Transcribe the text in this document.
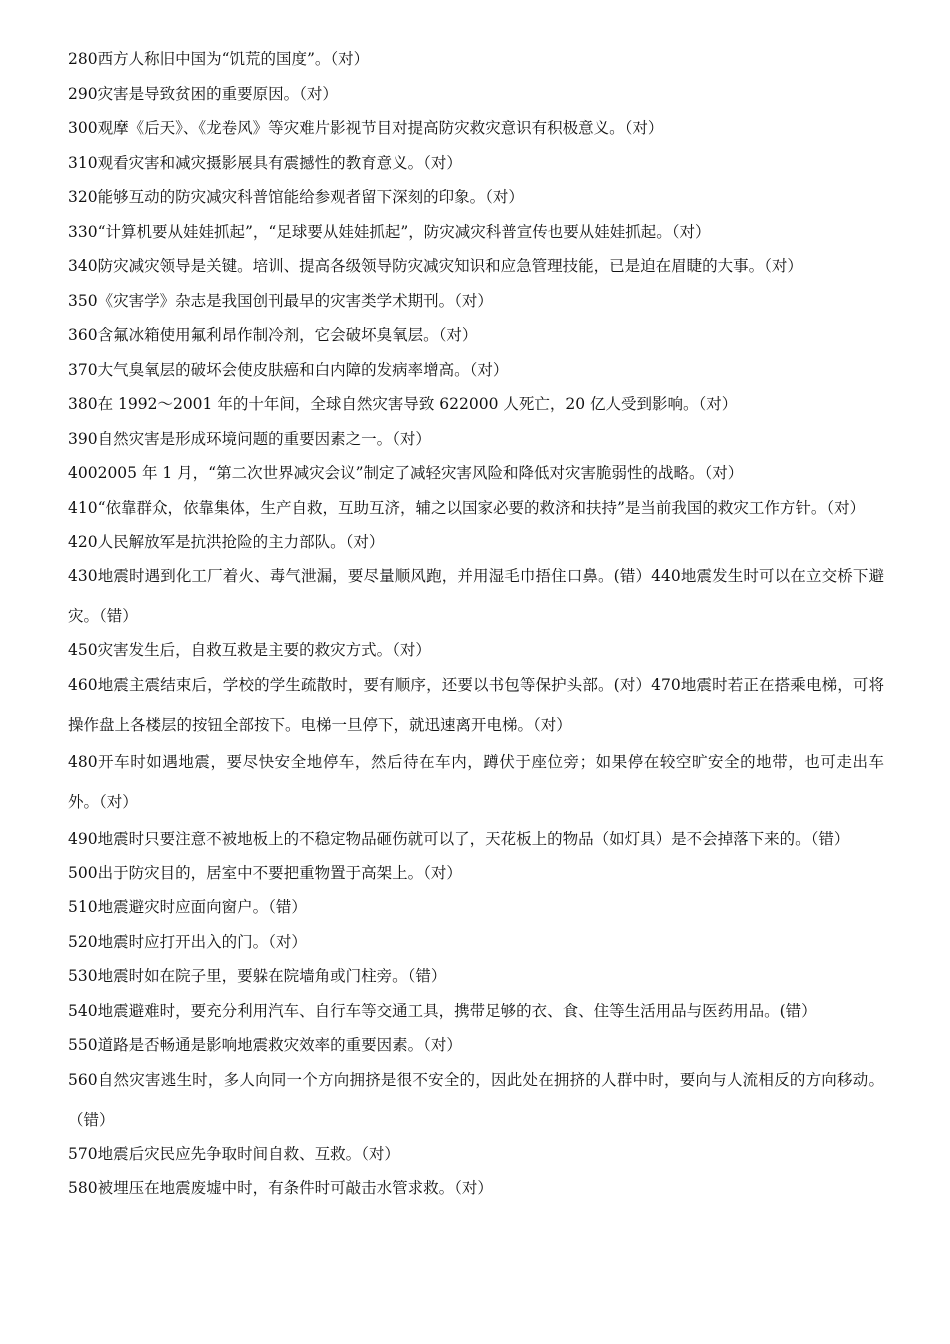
280西方人称旧中国为“饥荒的国度”。（对）

290灾害是导致贫困的重要原因。（对）

300观摩《后天》、《龙卷风》等灾难片影视节目对提高防灾救灾意识有积极意义。（对）

310观看灾害和减灾摄影展具有震撼性的教育意义。（对）

320能够互动的防灾减灾科普馆能给参观者留下深刻的印象。（对）

330“计算机要从娃娃抓起”，“足球要从娃娃抓起”，防灾减灾科普宣传也要从娃娃抓起。（对）

340防灾减灾领导是关键。培训、提高各级领导防灾减灾知识和应急管理技能，已是迫在眉睫的大事。（对）

350《灾害学》杂志是我国创刊最早的灾害类学术期刊。（对）

360含氟冰箱使用氟利昂作制冷剂，它会破坏臭氧层。（对）

370大气臭氧层的破坏会使皮肤癌和白内障的发病率增高。（对）

380在 1992～2001 年的十年间，全球自然灾害导致 622000 人死亡，20 亿人受到影响。（对）

390自然灾害是形成环境问题的重要因素之一。（对）

4002005 年 1 月，“第二次世界减灾会议”制定了减轻灾害风险和降低对灾害脆弱性的战略。（对）

410“依靠群众，依靠集体，生产自救，互助互济，辅之以国家必要的救济和扶持”是当前我国的救灾工作方针。（对）

420人民解放军是抗洪抢险的主力部队。（对）

430地震时遇到化工厂着火、毒气泄漏，要尽量顺风跑，并用湿毛巾捂住口鼻。(错）440地震发生时可以在立交桥下避灾。（错）

450灾害发生后，自救互救是主要的救灾方式。（对）

460地震主震结束后，学校的学生疏散时，要有顺序，还要以书包等保护头部。(对）470地震时若正在搭乘电梯，可将操作盘上各楼层的按钮全部按下。电梯一旦停下，就迅速离开电梯。（对）

480开车时如遇地震，要尽快安全地停车，然后待在车内，蹲伏于座位旁；如果停在较空旷安全的地带，也可走出车外。（对）

490地震时只要注意不被地板上的不稳定物品砸伤就可以了，天花板上的物品（如灯具）是不会掉落下来的。（错）

500出于防灾目的，居室中不要把重物置于高架上。（对）

510地震避灾时应面向窗户。（错）

520地震时应打开出入的门。（对）

530地震时如在院子里，要躲在院墙角或门柱旁。（错）

540地震避难时，要充分利用汽车、自行车等交通工具，携带足够的衣、食、住等生活用品与医药用品。(错）

550道路是否畅通是影响地震救灾效率的重要因素。（对）

560自然灾害逃生时，多人向同一个方向拥挤是很不安全的，因此处在拥挤的人群中时，要向与人流相反的方向移动。（错）

570地震后灾民应先争取时间自救、互救。（对）

580被埋压在地震废墟中时，有条件时可敲击水管求救。（对）
